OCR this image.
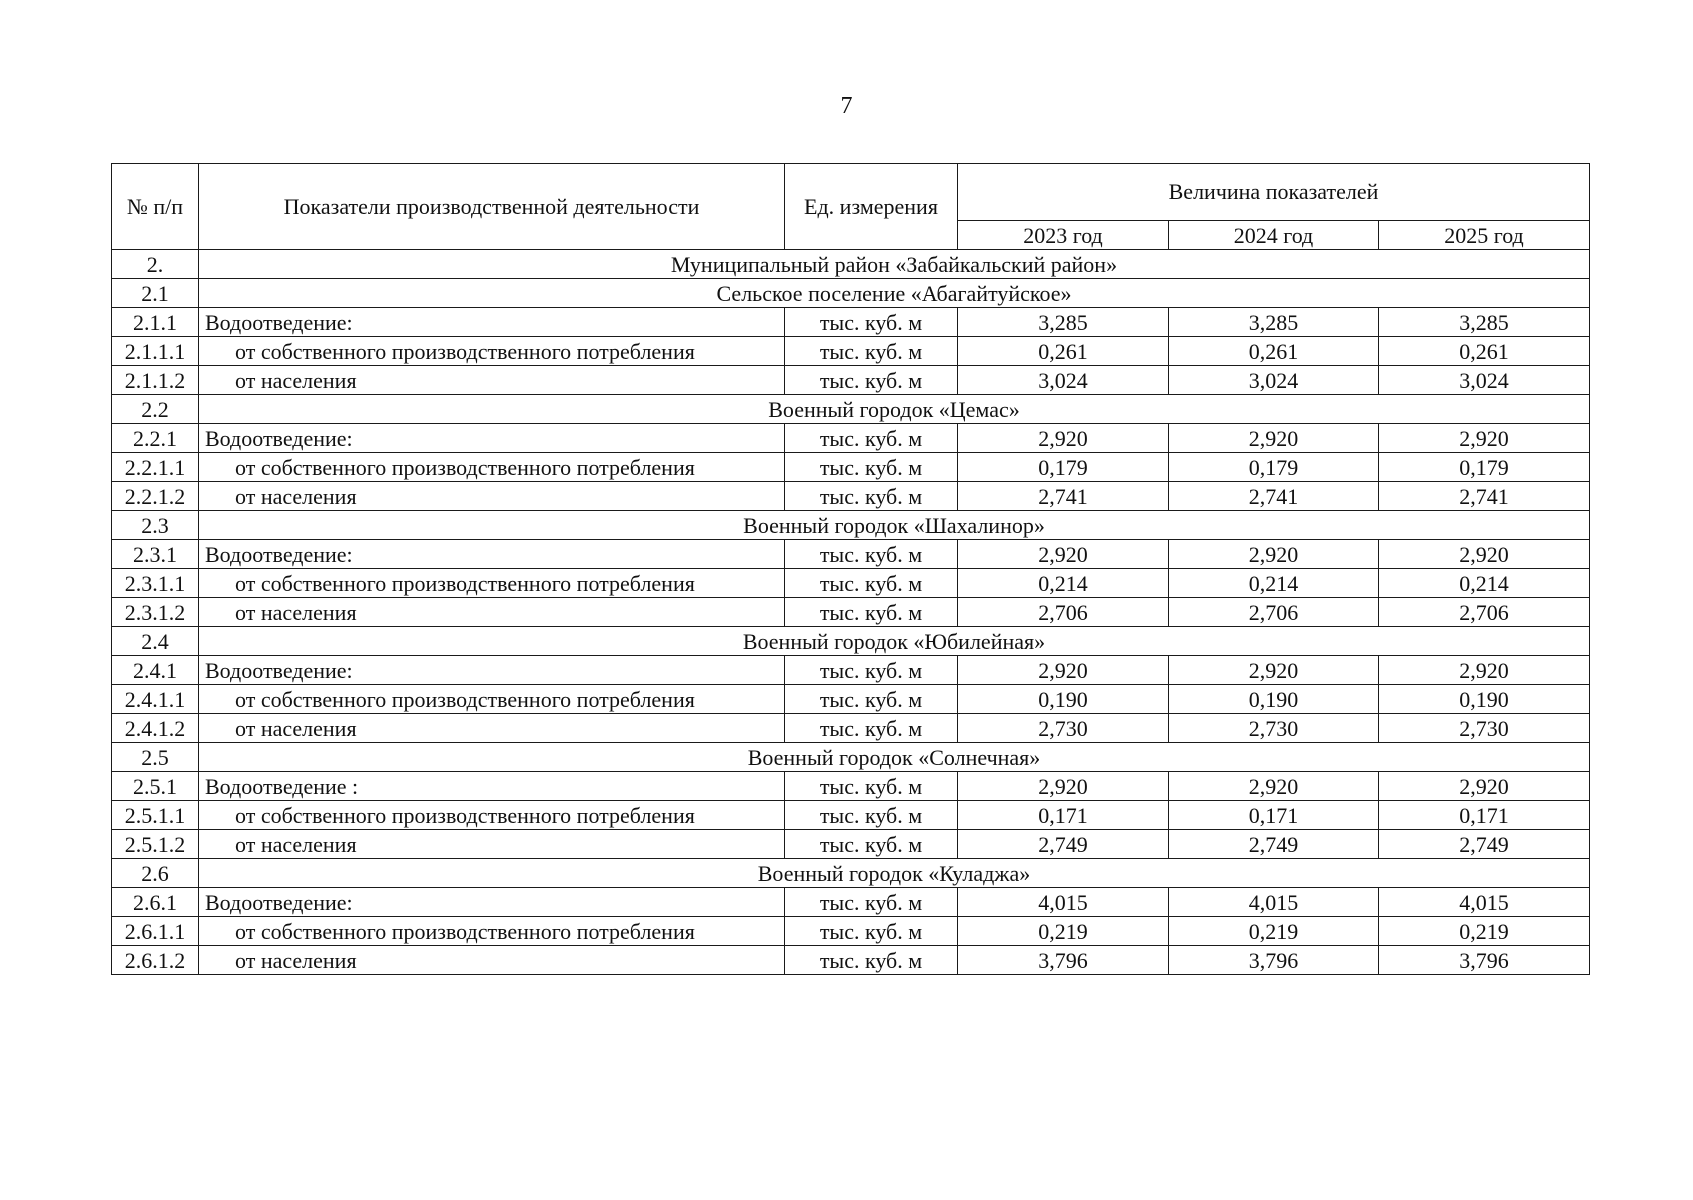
7
№ п/п	Показатели производственной деятельности	Ед. измерения	Величина показателей		
			2023 год	2024 год	2025 год
2.	Муниципальный район «Забайкальский район»				
2.1	Сельское поселение «Абагайтуйское»				
2.1.1	Водоотведение:	тыс. куб. м	3,285	3,285	3,285
2.1.1.1	от собственного производственного потребления	тыс. куб. м	0,261	0,261	0,261
2.1.1.2	от населения	тыс. куб. м	3,024	3,024	3,024
2.2	Военный городок «Цемас»				
2.2.1	Водоотведение:	тыс. куб. м	2,920	2,920	2,920
2.2.1.1	от собственного производственного потребления	тыс. куб. м	0,179	0,179	0,179
2.2.1.2	от населения	тыс. куб. м	2,741	2,741	2,741
2.3	Военный городок «Шахалинор»				
2.3.1	Водоотведение:	тыс. куб. м	2,920	2,920	2,920
2.3.1.1	от собственного производственного потребления	тыс. куб. м	0,214	0,214	0,214
2.3.1.2	от населения	тыс. куб. м	2,706	2,706	2,706
2.4	Военный городок «Юбилейная»				
2.4.1	Водоотведение:	тыс. куб. м	2,920	2,920	2,920
2.4.1.1	от собственного производственного потребления	тыс. куб. м	0,190	0,190	0,190
2.4.1.2	от населения	тыс. куб. м	2,730	2,730	2,730
2.5	Военный городок «Солнечная»				
2.5.1	Водоотведение :	тыс. куб. м	2,920	2,920	2,920
2.5.1.1	от собственного производственного потребления	тыс. куб. м	0,171	0,171	0,171
2.5.1.2	от населения	тыс. куб. м	2,749	2,749	2,749
2.6	Военный городок «Куладжа»				
2.6.1	Водоотведение:	тыс. куб. м	4,015	4,015	4,015
2.6.1.1	от собственного производственного потребления	тыс. куб. м	0,219	0,219	0,219
2.6.1.2	от населения	тыс. куб. м	3,796	3,796	3,796
